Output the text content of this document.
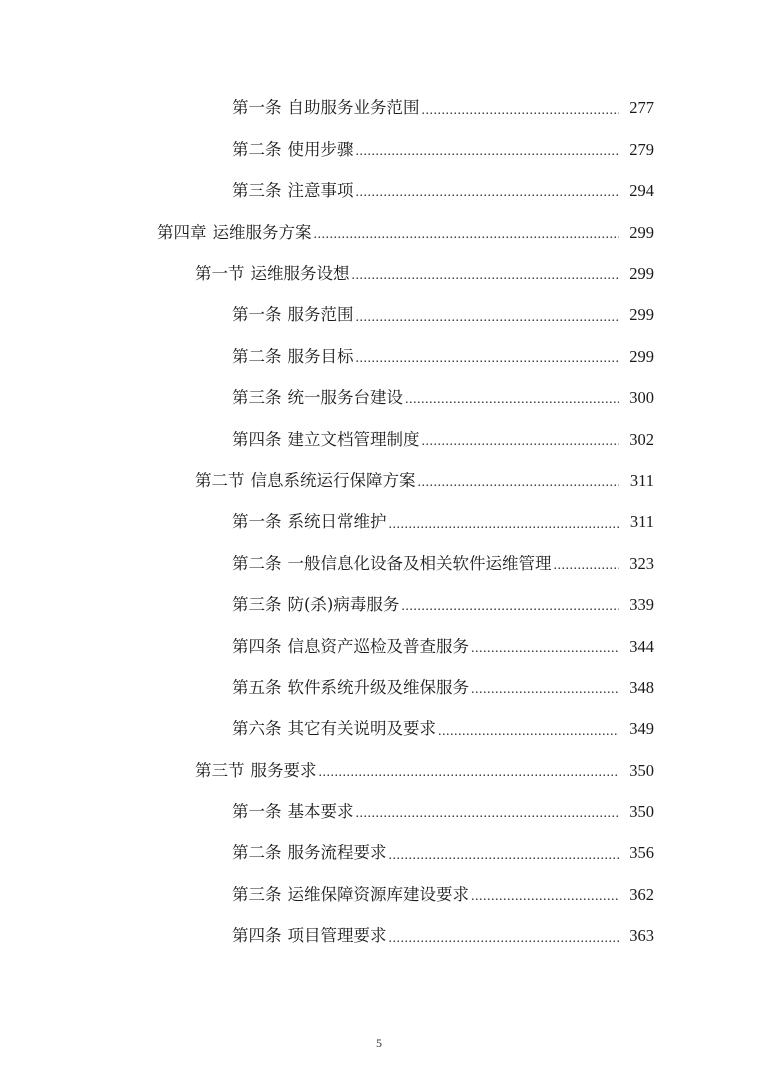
第一条 自助服务业务范围 .....	277
第二条 使用步骤 .....	279
第三条 注意事项 .....	294
第四章 运维服务方案 .....	299
第一节 运维服务设想 .....	299
第一条 服务范围 .....	299
第二条 服务目标 .....	299
第三条 统一服务台建设 .....	300
第四条 建立文档管理制度 .....	302
第二节 信息系统运行保障方案 .....	311
第一条 系统日常维护 .....	311
第二条 一般信息化设备及相关软件运维管理 .....	323
第三条 防(杀)病毒服务 .....	339
第四条 信息资产巡检及普查服务 .....	344
第五条 软件系统升级及维保服务 .....	348
第六条 其它有关说明及要求 .....	349
第三节 服务要求 .....	350
第一条 基本要求 .....	350
第二条 服务流程要求 .....	356
第三条 运维保障资源库建设要求 .....	362
第四条 项目管理要求 .....	363
5
